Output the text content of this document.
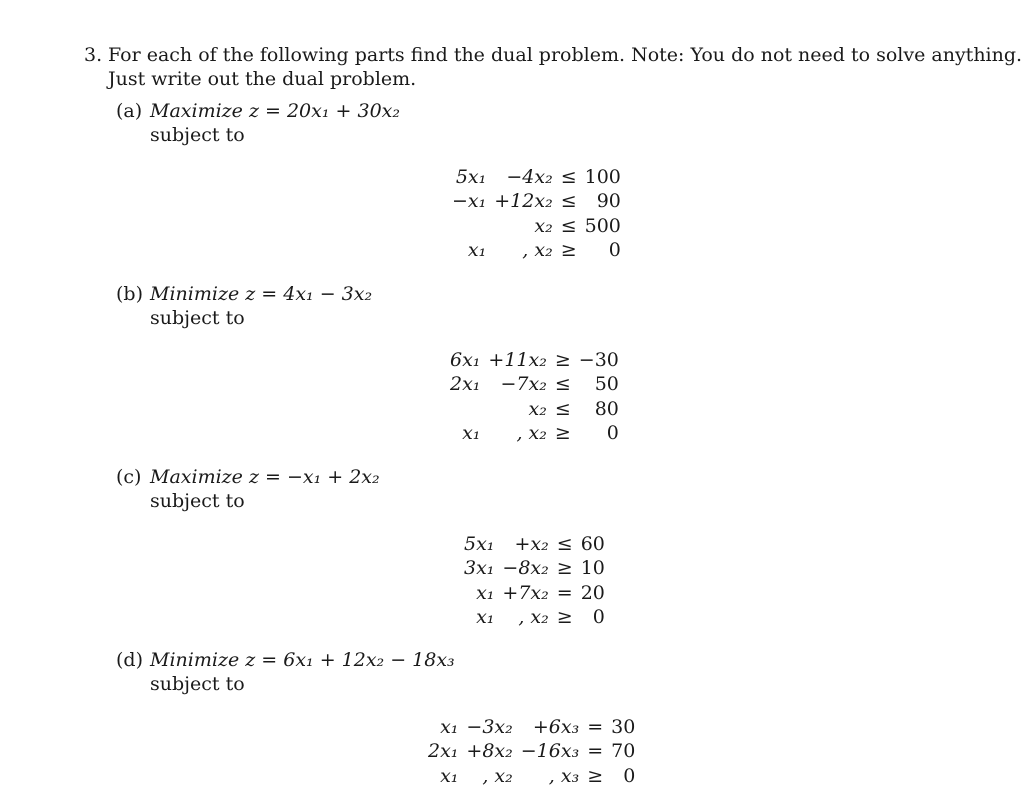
3. For each of the following parts find the dual problem. Note: You do not need to solve anything.
Just write out the dual problem.
(a) Maximize z = 20x₁ + 30x₂
subject to
5x₁	−4x₂	≤	100
−x₁	+12x₂	≤	90
	x₂	≤	500
x₁	, x₂	≥	0
(b) Minimize z = 4x₁ − 3x₂
subject to
6x₁	+11x₂	≥	−30
2x₁	−7x₂	≤	50
	x₂	≤	80
x₁	, x₂	≥	0
(c) Maximize z = −x₁ + 2x₂
subject to
5x₁	+x₂	≤	60
3x₁	−8x₂	≥	10
x₁	+7x₂	=	20
x₁	, x₂	≥	0
(d) Minimize z = 6x₁ + 12x₂ − 18x₃
subject to
x₁	−3x₂	+6x₃	=	30
2x₁	+8x₂	−16x₃	=	70
x₁	, x₂	, x₃	≥	0
